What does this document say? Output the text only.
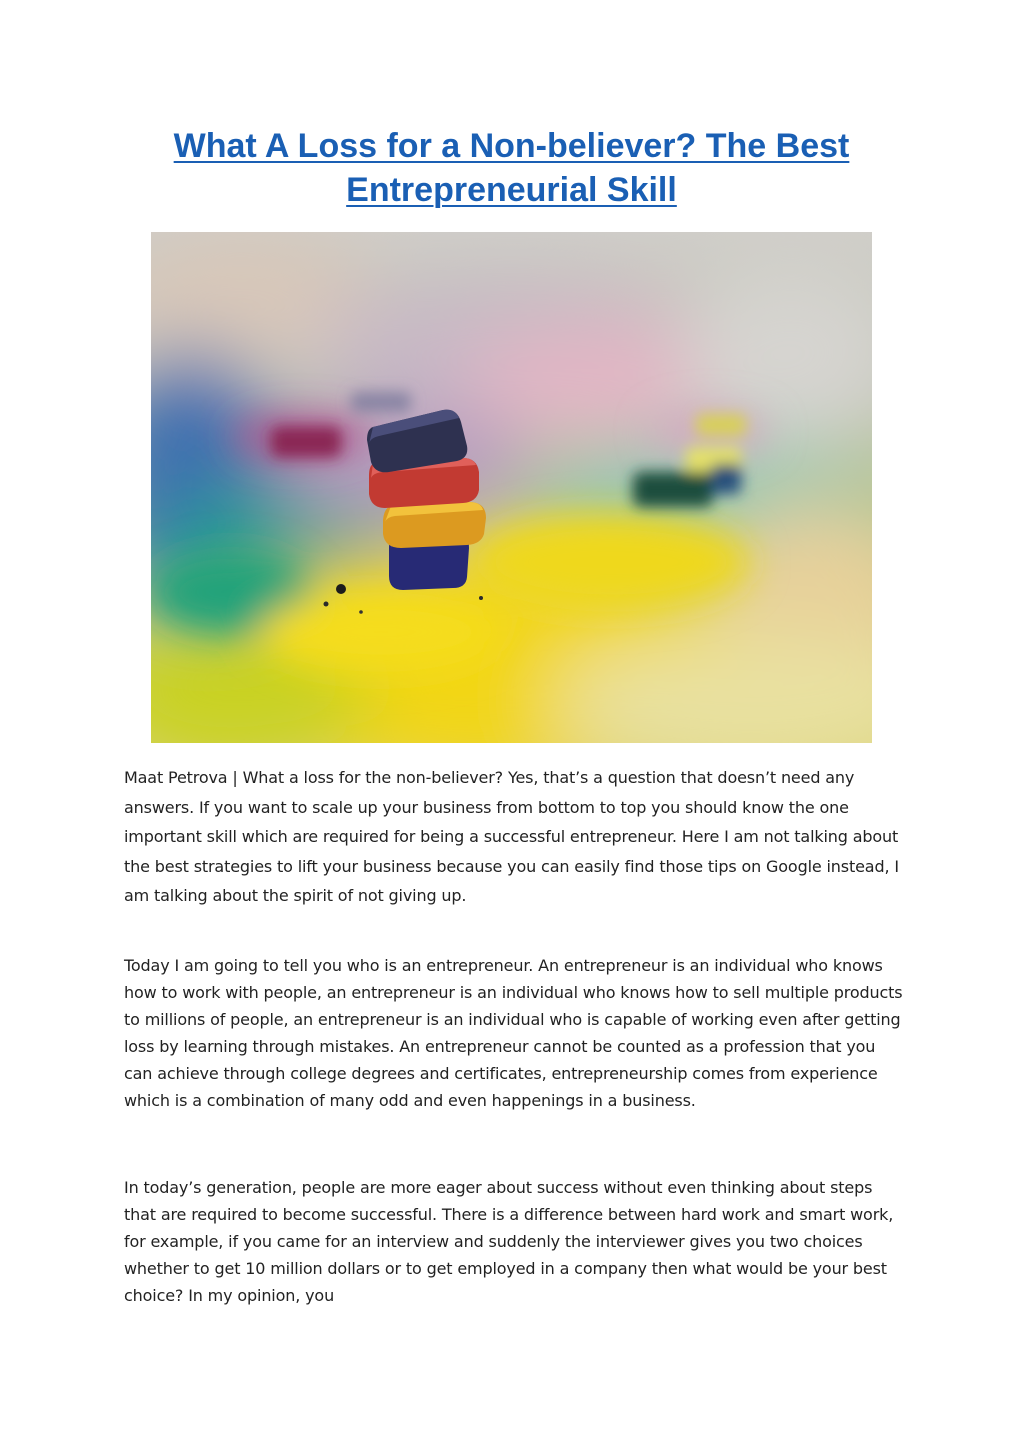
What A Loss for a Non-believer? The Best Entrepreneurial Skill

Maat Petrova | What a loss for the non-believer? Yes, that’s a question that doesn’t need any answers. If you want to scale up your business from bottom to top you should know the one important skill which are required for being a successful entrepreneur. Here I am not talking about the best strategies to lift your business because you can easily find those tips on Google instead, I am talking about the spirit of not giving up.

Today I am going to tell you who is an entrepreneur. An entrepreneur is an individual who knows how to work with people, an entrepreneur is an individual who knows how to sell multiple products to millions of people, an entrepreneur is an individual who is capable of working even after getting loss by learning through mistakes. An entrepreneur cannot be counted as a profession that you can achieve through college degrees and certificates, entrepreneurship comes from experience which is a combination of many odd and even happenings in a business.

In today’s generation, people are more eager about success without even thinking about steps that are required to become successful. There is a difference between hard work and smart work, for example, if you came for an interview and suddenly the interviewer gives you two choices whether to get 10 million dollars or to get employed in a company then what would be your best choice? In my opinion, you
